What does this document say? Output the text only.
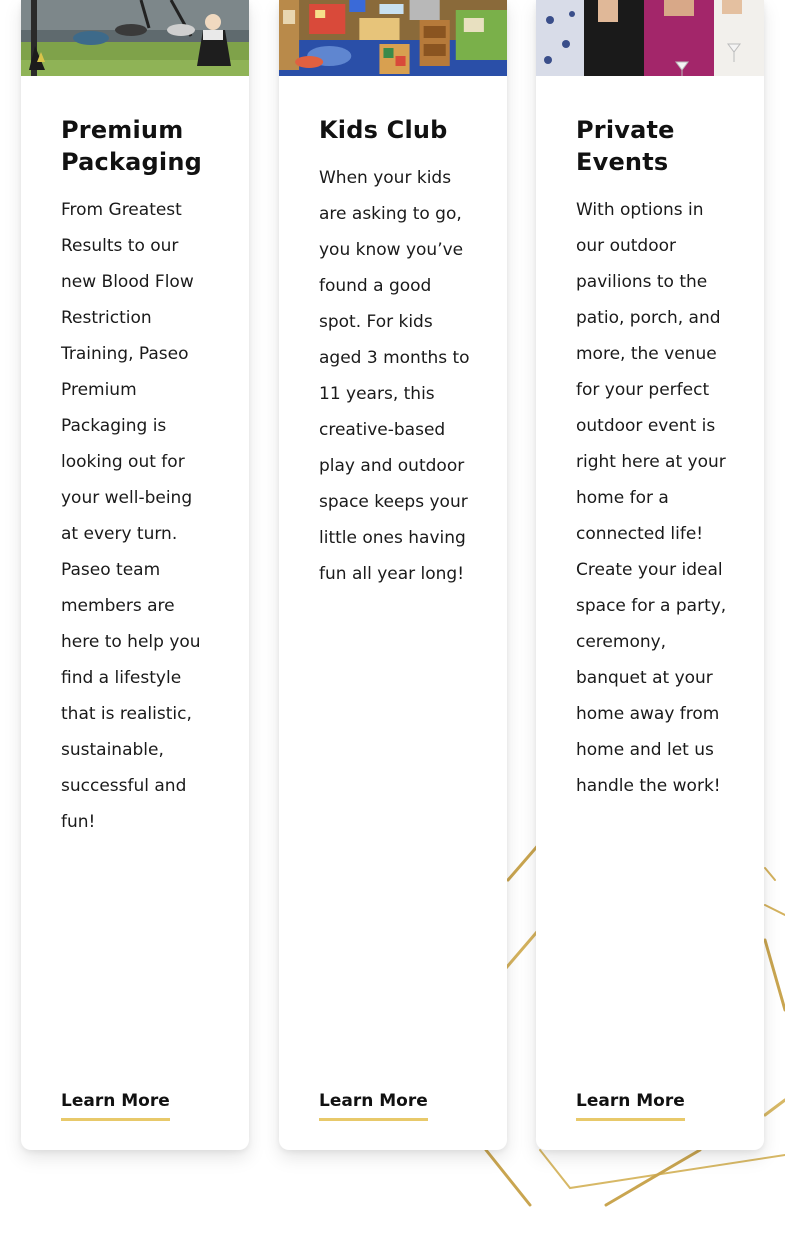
Premium Packaging

From Greatest Results to our new Blood Flow Restriction Training, Paseo Premium Packaging is looking out for your well-being at every turn. Paseo team members are here to help you find a lifestyle that is realistic, sustainable, successful and fun!

Learn More
Kids Club

When your kids are asking to go, you know you’ve found a good spot. For kids aged 3 months to 11 years, this creative-based play and outdoor space keeps your little ones having fun all year long!

Learn More
Private Events

With options in our outdoor pavilions to the patio, porch, and more, the venue for your perfect outdoor event is right here at your home for a connected life! Create your ideal space for a party, ceremony, banquet at your home away from home and let us handle the work!

Learn More
